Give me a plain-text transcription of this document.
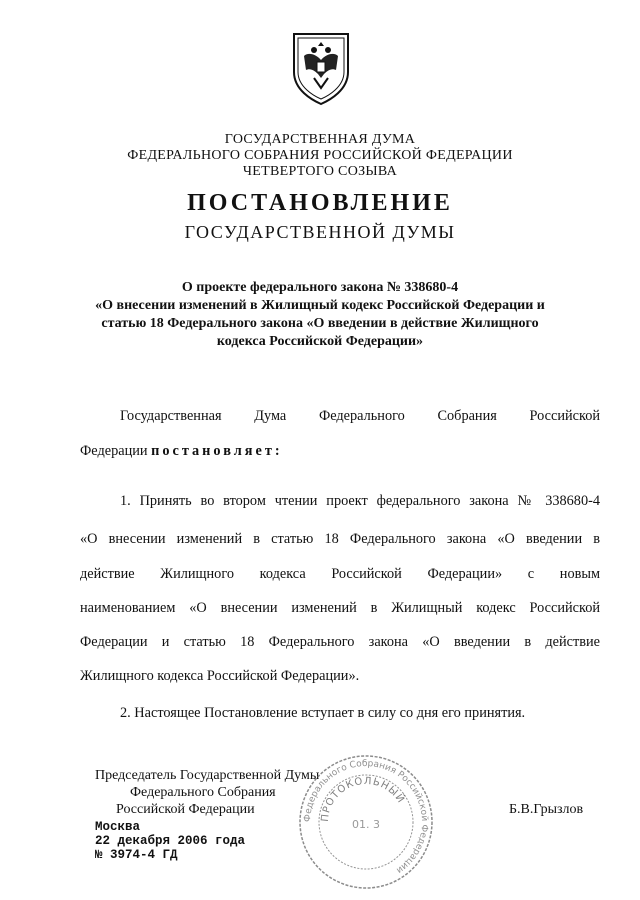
ГОСУДАРСТВЕННАЯ ДУМА
ФЕДЕРАЛЬНОГО СОБРАНИЯ РОССИЙСКОЙ ФЕДЕРАЦИИ
ЧЕТВЕРТОГО СОЗЫВА
ПОСТАНОВЛЕНИЕ
ГОСУДАРСТВЕННОЙ ДУМЫ
О проекте федерального закона № 338680-4
«О внесении изменений в Жилищный кодекс Российской Федерации и
статью 18 Федерального закона «О введении в действие Жилищного
кодекса Российской Федерации»
Государственная Дума Федерального Собрания Российской
Федерации постановляет:
1. Принять во втором чтении проект федерального закона № 338680-4
«О внесении изменений в статью 18 Федерального закона «О введении в
действие Жилищного кодекса Российской Федерации» с новым
наименованием «О внесении изменений в Жилищный кодекс Российской
Федерации и статью 18 Федерального закона «О введении в действие
Жилищного кодекса Российской Федерации».
2. Настоящее Постановление вступает в силу со дня его принятия.
Председатель Государственной Думы
Федерального Собрания
Российской Федерации	Б.В.Грызлов
Москва
22 декабря 2006 года
№ 3974-4 ГД
Федерального Собрания Российской Федерации
ПРОТОКОЛЬНЫЙ
01. 3
